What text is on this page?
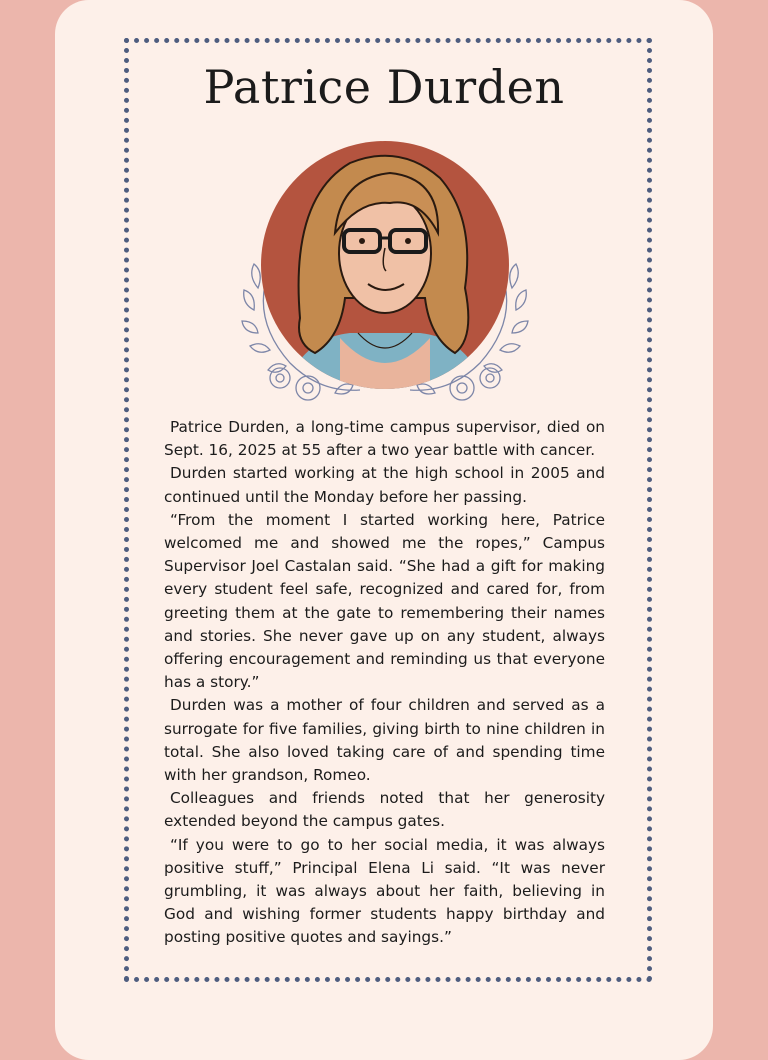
Patrice Durden

Patrice Durden, a long-time campus supervisor, died on Sept. 16, 2025 at 55 after a two year battle with cancer.

Durden started working at the high school in 2005 and continued until the Monday before her passing.

“From the moment I started working here, Patrice welcomed me and showed me the ropes,” Campus Supervisor Joel Castalan said. “She had a gift for making every student feel safe, recognized and cared for, from greeting them at the gate to remembering their names and stories. She never gave up on any student, always offering encouragement and reminding us that everyone has a story.”

Durden was a mother of four children and served as a surrogate for five families, giving birth to nine children in total. She also loved taking care of and spending time with her grandson, Romeo.

Colleagues and friends noted that her generosity extended beyond the campus gates.

“If you were to go to her social media, it was always positive stuff,” Principal Elena Li said. “It was never grumbling, it was always about her faith, believing in God and wishing former students happy birthday and posting positive quotes and sayings.”
